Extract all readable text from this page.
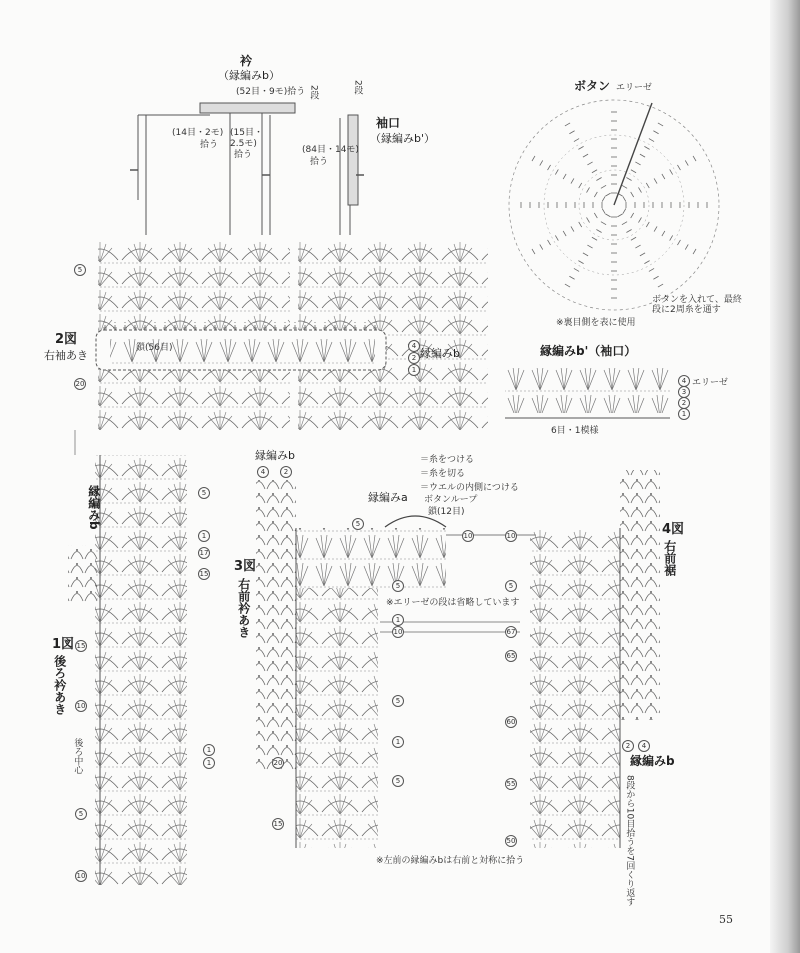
衿
（縁編みb）
(52目・9モ)拾う 2段
(14目・2モ)
拾う
(15目・
2.5モ)
拾う
2段
袖口
（縁編みb'）
(84目・14モ)
拾う
ボタン エリーゼ
※裏目側を表に使用
ボタンを入れて、最終段に2周糸を通す
縁編みb'（袖口）
エリーゼ
6目・1模様
2図
右袖あき
鎖(56目)	縁編みb
縁編みb
1図
後ろ衿あき
後ろ中心
縁編みb	＝糸をつける
＝糸を切る
＝ウエルの内側につける
縁編みa ボタンループ
鎖(12目)
3図
右前衿あき	※エリーゼの段は省略しています
4図
右前裾
縁編みb
8段から10目拾うを7回くり返す
※左前の縁編みbは右前と対称に拾う
55
5
20
4
2
1
4
3
2
1
5
1
17
15
15
10
1
1
5
10
4	2
5
10	10
5	5
1
10	67
65
5
60
1
20
5	55
15
50
2	4
